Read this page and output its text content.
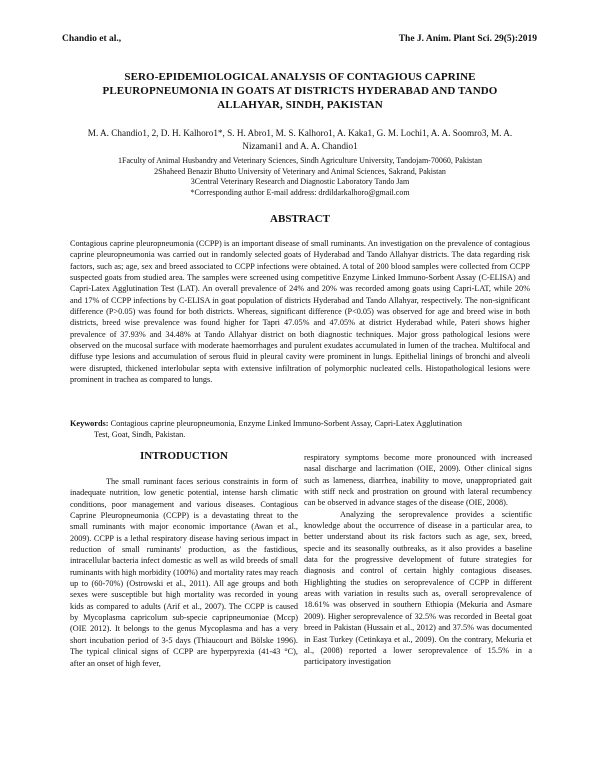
Chandio et al.,	The J. Anim. Plant Sci. 29(5):2019
SERO-EPIDEMIOLOGICAL ANALYSIS OF CONTAGIOUS CAPRINE PLEUROPNEUMONIA IN GOATS AT DISTRICTS HYDERABAD AND TANDO ALLAHYAR, SINDH, PAKISTAN
M. A. Chandio1, 2, D. H. Kalhoro1*, S. H. Abro1, M. S. Kalhoro1, A. Kaka1, G. M. Lochi1, A. A. Soomro3, M. A. Nizamani1 and A. A. Chandio1
1Faculty of Animal Husbandry and Veterinary Sciences, Sindh Agriculture University, Tandojam-70060, Pakistan
2Shaheed Benazir Bhutto University of Veterinary and Animal Sciences, Sakrand, Pakistan
3Central Veterinary Research and Diagnostic Laboratory Tando Jam
*Corresponding author E-mail address: drdildarkalhoro@gmail.com
ABSTRACT
Contagious caprine pleuropneumonia (CCPP) is an important disease of small ruminants. An investigation on the prevalence of contagious caprine pleuropneumonia was carried out in randomly selected goats of Hyderabad and Tando Allahyar districts. The data regarding risk factors, such as; age, sex and breed associated to CCPP infections were obtained. A total of 200 blood samples were collected from CCPP suspected goats from studied area. The samples were screened using competitive Enzyme Linked Immuno-Sorbent Assay (C-ELISA) and Capri-Latex Agglutination Test (LAT). An overall prevalence of 24% and 20% was recorded among goats using Capri-LAT, while 20% and 17% of CCPP infections by C-ELISA in goat population of districts Hyderabad and Tando Allahyar, respectively. The non-significant difference (P>0.05) was found for both districts. Whereas, significant difference (P<0.05) was observed for age and breed wise in both districts, breed wise prevalence was found higher for Tapri 47.05% and 47.05% at district Hyderabad while, Pateri shows higher prevalence of 37.93% and 34.48% at Tando Allahyar district on both diagnostic techniques. Major gross pathological lesions were observed on the mucosal surface with moderate haemorrhages and purulent exudates accumulated in lumen of the trachea. Multifocal and diffuse type lesions and accumulation of serous fluid in pleural cavity were prominent in lungs. Epithelial linings of bronchi and alveoli were disrupted, thickened interlobular septa with extensive infiltration of polymorphic nucleated cells. Histopathological lesions were prominent in trachea as compared to lungs.
Keywords: Contagious caprine pleuropneumonia, Enzyme Linked Immuno-Sorbent Assay, Capri-Latex Agglutination
Test, Goat, Sindh, Pakistan.
INTRODUCTION

The small ruminant faces serious constraints in form of inadequate nutrition, low genetic potential, intense harsh climatic conditions, poor management and various diseases. Contagious Caprine Pleuropneumonia (CCPP) is a devastating threat to the small ruminants with major economic importance (Awan et al., 2009). CCPP is a lethal respiratory disease having serious impact in reduction of small ruminants' production, as the fastidious, intracellular bacteria infect domestic as well as wild breeds of small ruminants with high morbidity (100%) and mortality rates may reach up to (60-70%) (Ostrowski et al., 2011). All age groups and both sexes were susceptible but high mortality was recorded in young kids as compared to adults (Arif et al., 2007). The CCPP is caused by Mycoplasma capricolum sub-specie capripneumoniae (Mccp) (OIE 2012). It belongs to the genus Mycoplasma and has a very short incubation period of 3-5 days (Thiaucourt and Bölske 1996). The typical clinical signs of CCPP are hyperpyrexia (41-43 °C), after an onset of high fever,

respiratory symptoms become more pronounced with increased nasal discharge and lacrimation (OIE, 2009). Other clinical signs such as lameness, diarrhea, inability to move, unappropriated gait with stiff neck and prostration on ground with lateral recumbency can be observed in advance stages of the disease (OIE, 2008).

Analyzing the seroprevalence provides a scientific knowledge about the occurrence of disease in a particular area, to better understand about its risk factors such as age, sex, breed, specie and its seasonally outbreaks, as it also provides a baseline data for the progressive development of future strategies for diagnosis and control of certain highly contagious diseases. Highlighting the studies on seroprevalence of CCPP in different areas with variation in results such as, overall seroprevalence of 18.61% was observed in southern Ethiopia (Mekuria and Asmare 2009). Higher seroprevalence of 32.5% was recorded in Beetal goat breed in Pakistan (Hussain et al., 2012) and 37.5% was documented in East Turkey (Cetinkaya et al., 2009). On the contrary, Mekuria et al., (2008) reported a lower seroprevalence of 15.5% in a participatory investigation
